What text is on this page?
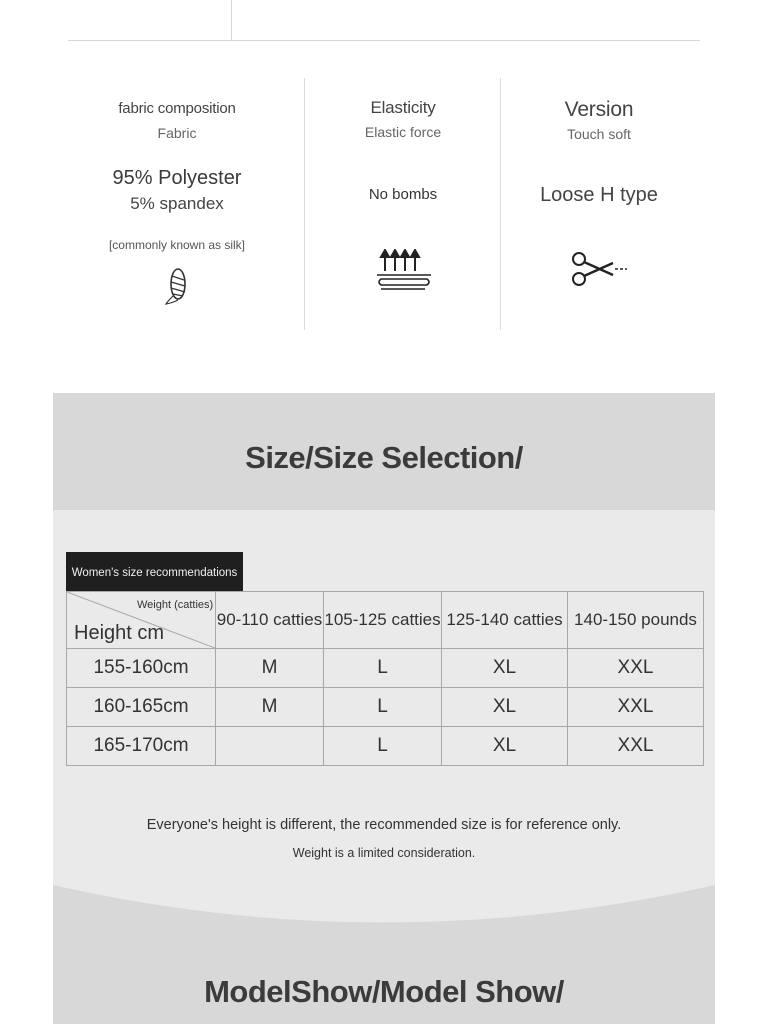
fabric composition
Fabric
95% Polyester
5% spandex
[commonly known as silk]
Elasticity
Elastic force
No bombs
Version
Touch soft
Loose H type
Size/Size Selection/
Women's size recommendations
Weight (catties)
Height cm	90-110 catties	105-125 catties	125-140 catties	140-150 pounds
155-160cm	M	L	XL	XXL
160-165cm	M	L	XL	XXL
165-170cm		L	XL	XXL
Everyone's height is different, the recommended size is for reference only.
Weight is a limited consideration.
ModelShow/Model Show/
